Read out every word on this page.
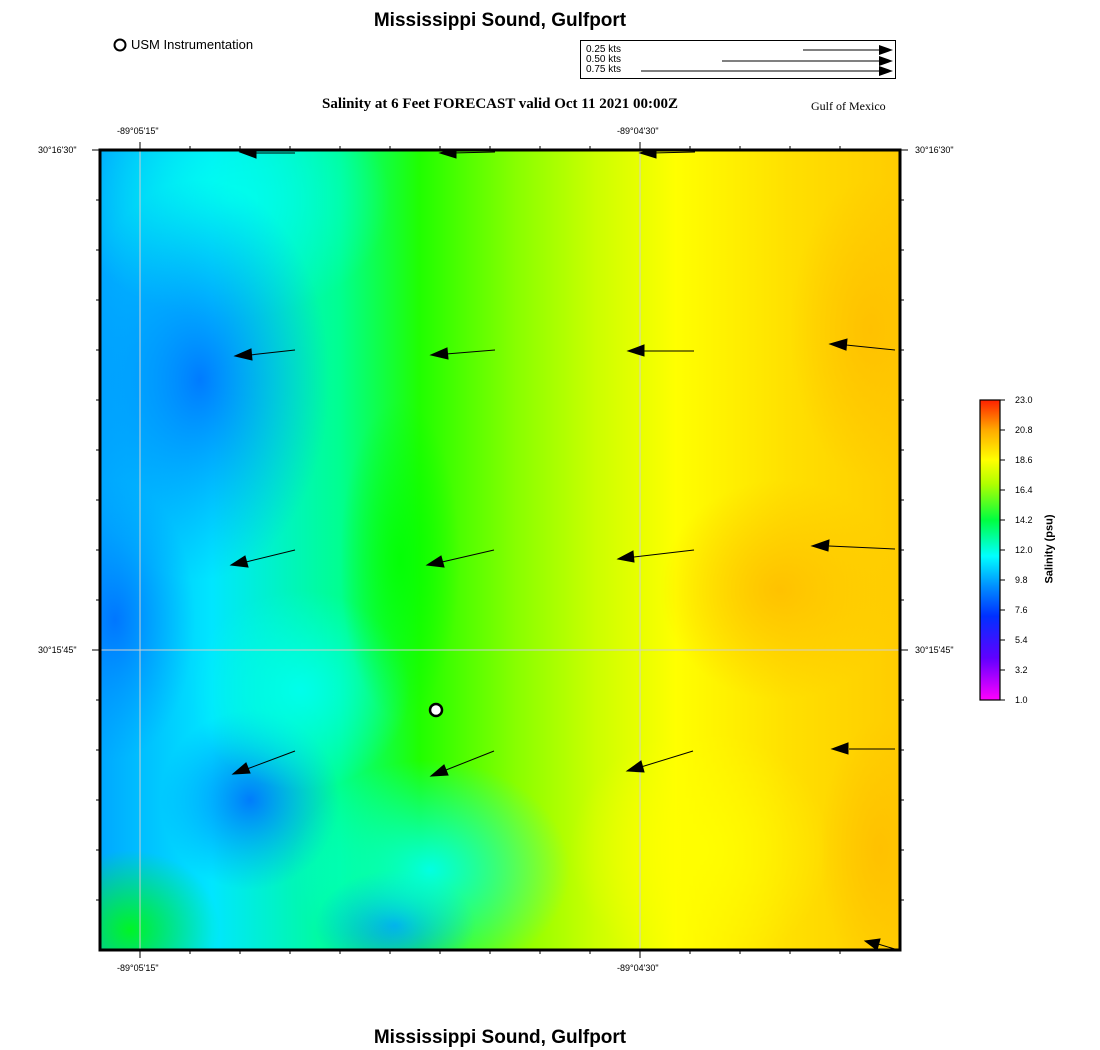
Mississippi Sound, Gulfport
USM Instrumentation	0.25 kts
0.50 kts
0.75 kts
Salinity at 6 Feet FORECAST valid Oct 11 2021 00:00Z	Gulf of Mexico
-89°05'15"	-89°04'30"
-89°05'15"	-89°04'30"
30°16'30"
30°15'45"
30°16'30"
30°15'45"
23.0
20.8
18.6
16.4
14.2
12.0
9.8
7.6
5.4
3.2
1.0
Salinity (psu)
Mississippi Sound, Gulfport
